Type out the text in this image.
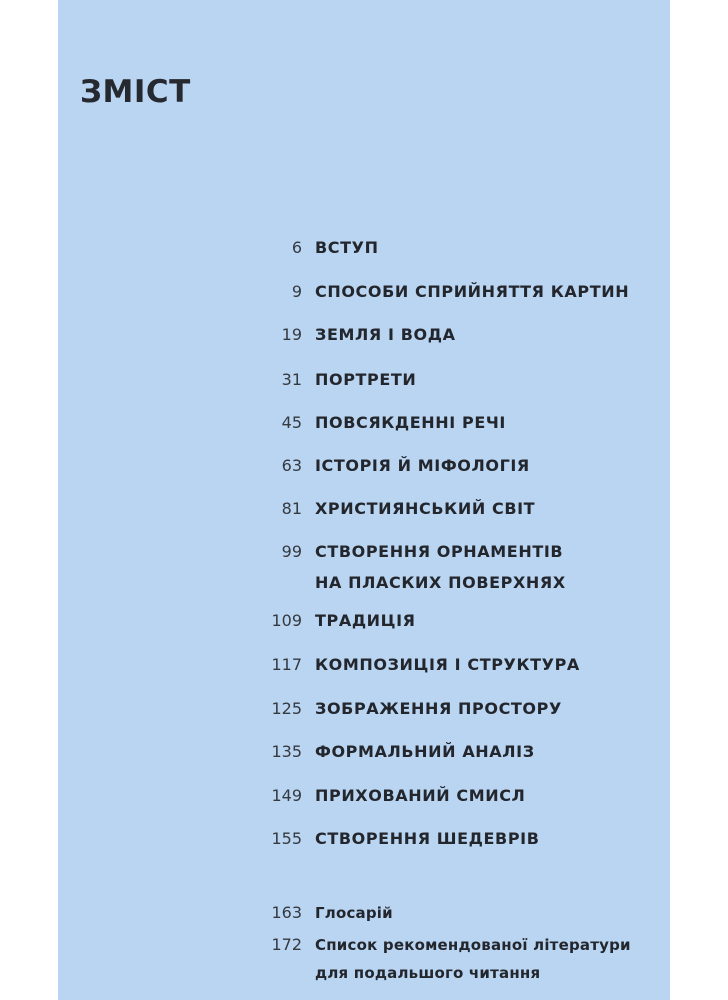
ЗМІСТ
6 ВСТУП
9 СПОСОБИ СПРИЙНЯТТЯ КАРТИН
19 ЗЕМЛЯ І ВОДА
31 ПОРТРЕТИ
45 ПОВСЯКДЕННІ РЕЧІ
63 ІСТОРІЯ Й МІФОЛОГІЯ
81 ХРИСТИЯНСЬКИЙ СВІТ
99 СТВОРЕННЯ ОРНАМЕНТІВ
НА ПЛАСКИХ ПОВЕРХНЯХ
109 ТРАДИЦІЯ
117 КОМПОЗИЦІЯ І СТРУКТУРА
125 ЗОБРАЖЕННЯ ПРОСТОРУ
135 ФОРМАЛЬНИЙ АНАЛІЗ
149 ПРИХОВАНИЙ СМИСЛ
155 СТВОРЕННЯ ШЕДЕВРІВ
163 Глосарій
172 Список рекомендованої літератури
для подальшого читання
